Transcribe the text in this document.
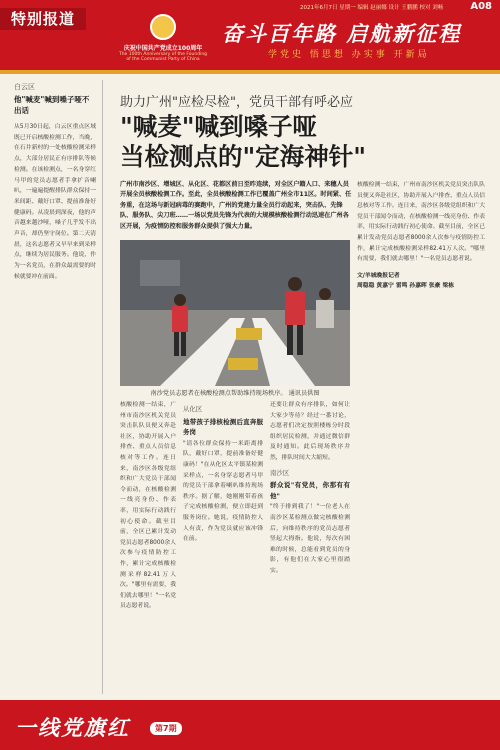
特别报道
2021年6月7日 星期一 编辑 赵丽娜 设计 王鹏鹏 校对 刘畅	A08
庆祝中国共产党成立100周年
The 100th Anniversary of the Founding of the Communist Party of China
奋斗百年路 启航新征程
学党史 悟思想 办实事 开新局
白云区
他"喊麦"喊到嗓子哑不出话
从5月30日起，白云区重点区域既已开启核酸检测工作，当晚，在石井新村的一处核酸检测采样点，大部分居民正有序排队等候检测。在该检测点，一名身穿红马甲的党员志愿者手拿扩音喇叭，一遍遍提醒排队群众保持一米间距、戴好口罩、提前准备好健康码。从凌晨到深夜，他的声音越来越沙哑，嗓子几乎发不出声音，却仍坚守岗位。第二天清晨，这名志愿者又早早来到采样点，继续为居民服务。他说，作为一名党员，在群众最需要的时候就要冲在前面。
助力广州"应检尽检"，党员干部有呼必应
"喊麦"喊到嗓子哑
当检测点的"定海神针"
广州市南沙区、增城区、从化区、花都区前日至昨连续，对全区户籍人口、来穗人员开展全员核酸检测工作。至此，全员核酸检测工作已覆盖广州全市11区。时间紧、任务重，在这场与新冠病毒的赛跑中，广州的党建力量全员行动起来，突击队、先锋队、服务队、尖刀班……一场以党员先锋为代表的大规模核酸检测行动迅速在广州各区开展，为疫情防控和服务群众提供了强大力量。
南沙党员志愿者在核酸检测点帮助维持现场秩序。 通讯员供图
核酸检测一结束，广州市南沙区机关党员突击队队员便又奔赴社区，协助开展入户排查、重点人员信息核对等工作。连日来，南沙区各级党组织和广大党员干部闻令而动，在核酸检测一线亮身份、作表率，用实际行动践行初心使命。截至目前，全区已累计发动党员志愿者8000余人次参与疫情防控工作，累计完成核酸检测采样82.41万人次。"哪里有需要，我们就去哪里！"一名党员志愿者说。
从化区
地带孩子排核检测后直奔服务岗
"请各位群众保持一米距离排队，戴好口罩，提前准备好健康码！"在从化区太平镇某检测采样点，一名身穿志愿者马甲的党员干部拿着喇叭维持现场秩序。据了解，她刚刚带着孩子完成核酸检测，便立即赶到服务岗位。她说，疫情防控人人有责，作为党员就应该冲锋在前。
还要让群众有序排队，如何让大家少等待？经过一番讨论，志愿者们决定按照楼栋分时段组织居民检测，并通过微信群及时通知。此后现场秩序井然，排队时间大大缩短。
南沙区
群众说"有党员，你那有有他"
"终于排到我了！"一位老人在南沙区某检测点做完核酸检测后，向维持秩序的党员志愿者竖起大拇指。他说，每次有困难的时候，总能看到党员的身影，有他们在大家心里很踏实。
核酸检测一结束，广州市南沙区机关党员突击队队员便又奔赴社区，协助开展入户排查、重点人员信息核对等工作。连日来，南沙区各级党组织和广大党员干部闻令而动，在核酸检测一线亮身份、作表率，用实际行动践行初心使命。截至目前，全区已累计发动党员志愿者8000余人次参与疫情防控工作，累计完成核酸检测采样82.41万人次。"哪里有需要，我们就去哪里！"一名党员志愿者说。
文/羊城晚报记者
周稳稳 黄嘉宁 雷鸣 孙嘉晖 张豪 梁栋
一线党旗红	第7期
